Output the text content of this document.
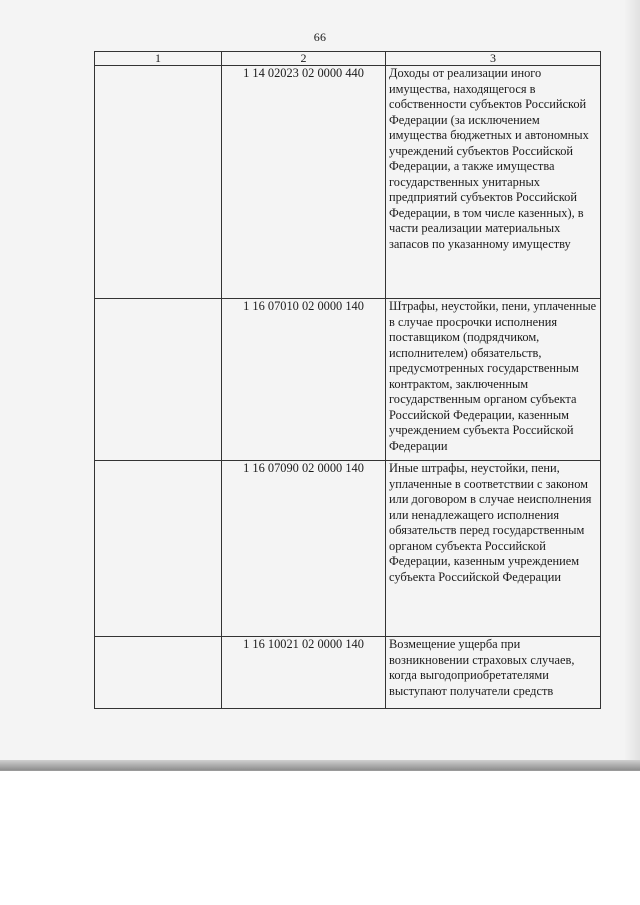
66
1	2	3
	1 14 02023 02 0000 440	Доходы от реализации иного имущества, находящегося в собственности субъектов Российской Федерации (за исключением имущества бюджетных и автономных учреждений субъектов Российской Федерации, а также имущества государственных унитарных предприятий субъектов Российской Федерации, в том числе казенных), в части реализации материальных запасов по указанному имуществу
	1 16 07010 02 0000 140	Штрафы, неустойки, пени, уплаченные в случае просрочки исполнения поставщиком (подрядчиком, исполнителем) обязательств, предусмотренных государственным контрактом, заключенным государственным органом субъекта Российской Федерации, казенным учреждением субъекта Российской Федерации
	1 16 07090 02 0000 140	Иные штрафы, неустойки, пени, уплаченные в соответствии с законом или договором в случае неисполнения или ненадлежащего исполнения обязательств перед государственным органом субъекта Российской Федерации, казенным учреждением субъекта Российской Федерации
	1 16 10021 02 0000 140	Возмещение ущерба при возникновении страховых случаев, когда выгодоприобретателями выступают получатели средств
